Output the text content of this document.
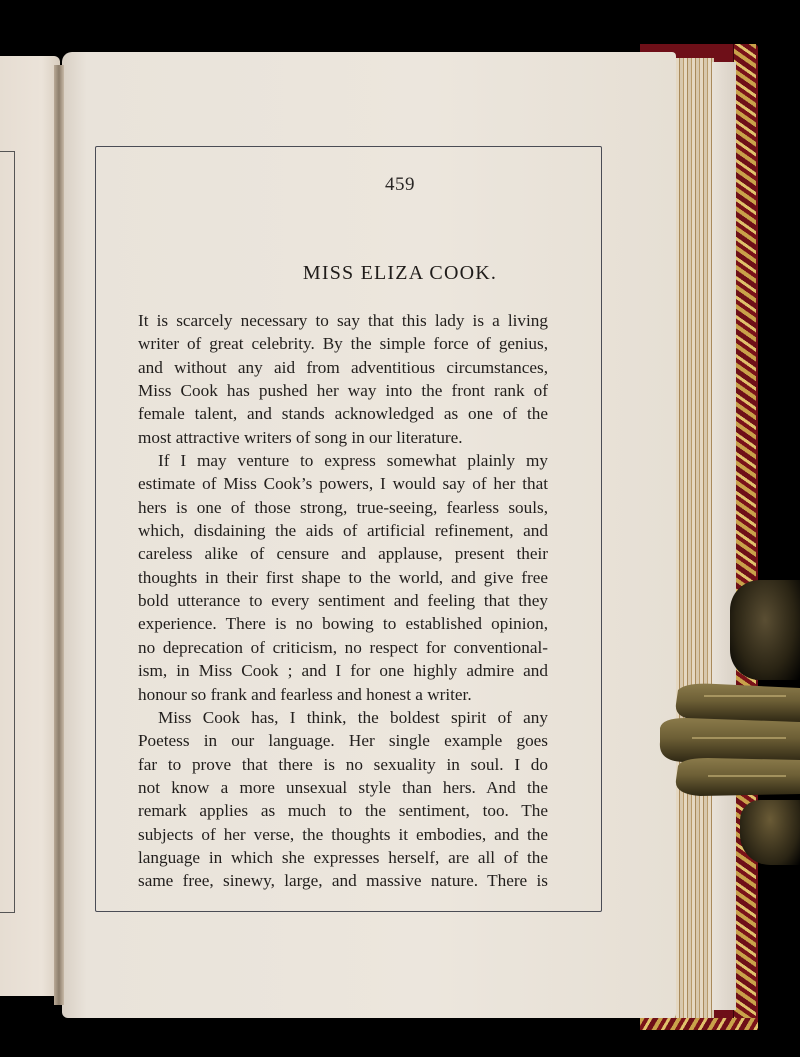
459
MISS ELIZA COOK.
It is scarcely necessary to say that this lady is a living
writer of great celebrity. By the simple force of genius,
and without any aid from adventitious circumstances,
Miss Cook has pushed her way into the front rank of
female talent, and stands acknowledged as one of the
most attractive writers of song in our literature.
If I may venture to express somewhat plainly my
estimate of Miss Cook’s powers, I would say of her that
hers is one of those strong, true-seeing, fearless souls,
which, disdaining the aids of artificial refinement, and
careless alike of censure and applause, present their
thoughts in their first shape to the world, and give free
bold utterance to every sentiment and feeling that they
experience. There is no bowing to established opinion,
no deprecation of criticism, no respect for conventional-
ism, in Miss Cook ; and I for one highly admire and
honour so frank and fearless and honest a writer.
Miss Cook has, I think, the boldest spirit of any
Poetess in our language. Her single example goes
far to prove that there is no sexuality in soul. I do
not know a more unsexual style than hers. And the
remark applies as much to the sentiment, too. The
subjects of her verse, the thoughts it embodies, and the
language in which she expresses herself, are all of the
same free, sinewy, large, and massive nature. There is
